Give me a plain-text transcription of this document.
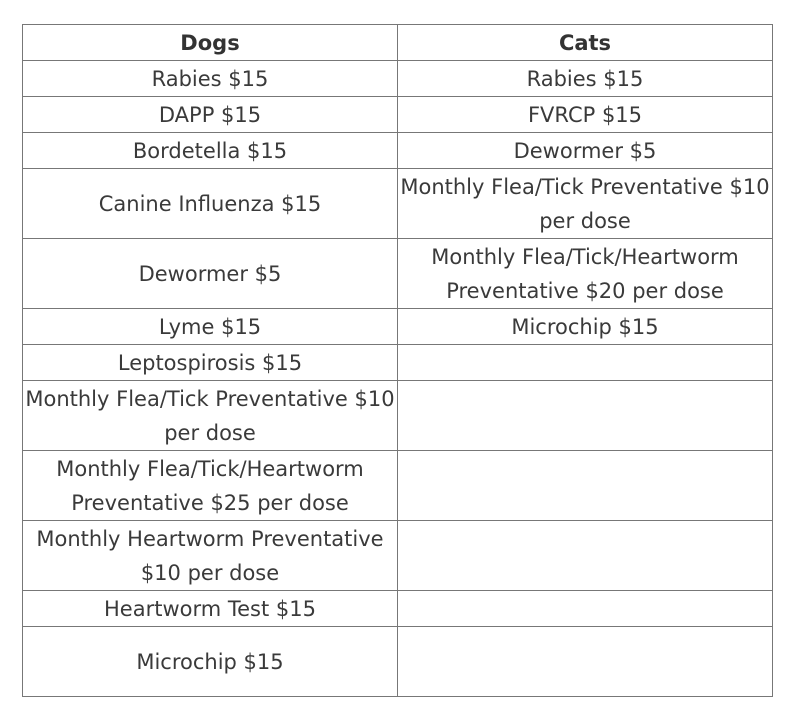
Dogs	Cats
Rabies $15	Rabies $15
DAPP $15	FVRCP $15
Bordetella $15	Dewormer $5
Canine Influenza $15	Monthly Flea/Tick Preventative $10 per dose
Dewormer $5	Monthly Flea/Tick/Heartworm Preventative $20 per dose
Lyme $15	Microchip $15
Leptospirosis $15	
Monthly Flea/Tick Preventative $10 per dose	
Monthly Flea/Tick/Heartworm Preventative $25 per dose	
Monthly Heartworm Preventative $10 per dose	
Heartworm Test $15	
Microchip $15	
